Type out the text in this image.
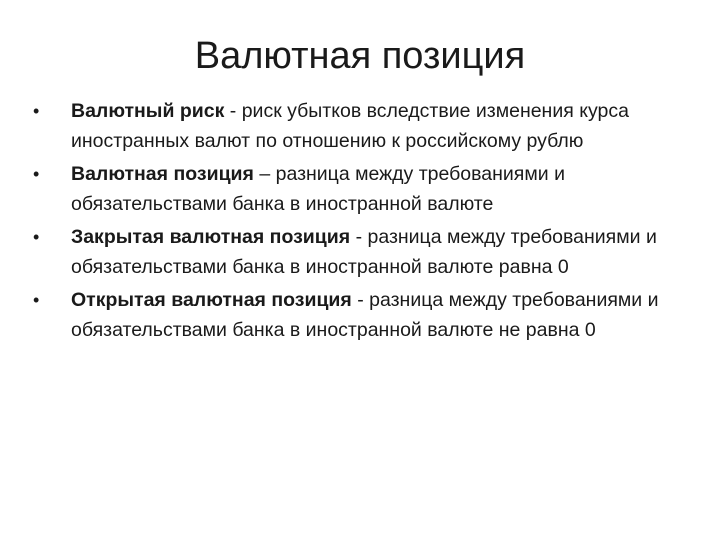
Валютная позиция
•	Валютный риск - риск убытков вследствие изменения курса иностранных валют по отношению к российскому рублю
•	Валютная позиция – разница между требованиями и обязательствами банка в иностранной валюте
•	Закрытая валютная позиция - разница между требованиями и обязательствами банка в иностранной валюте равна 0
•	Открытая валютная позиция - разница между требованиями и обязательствами банка в иностранной валюте не равна 0
